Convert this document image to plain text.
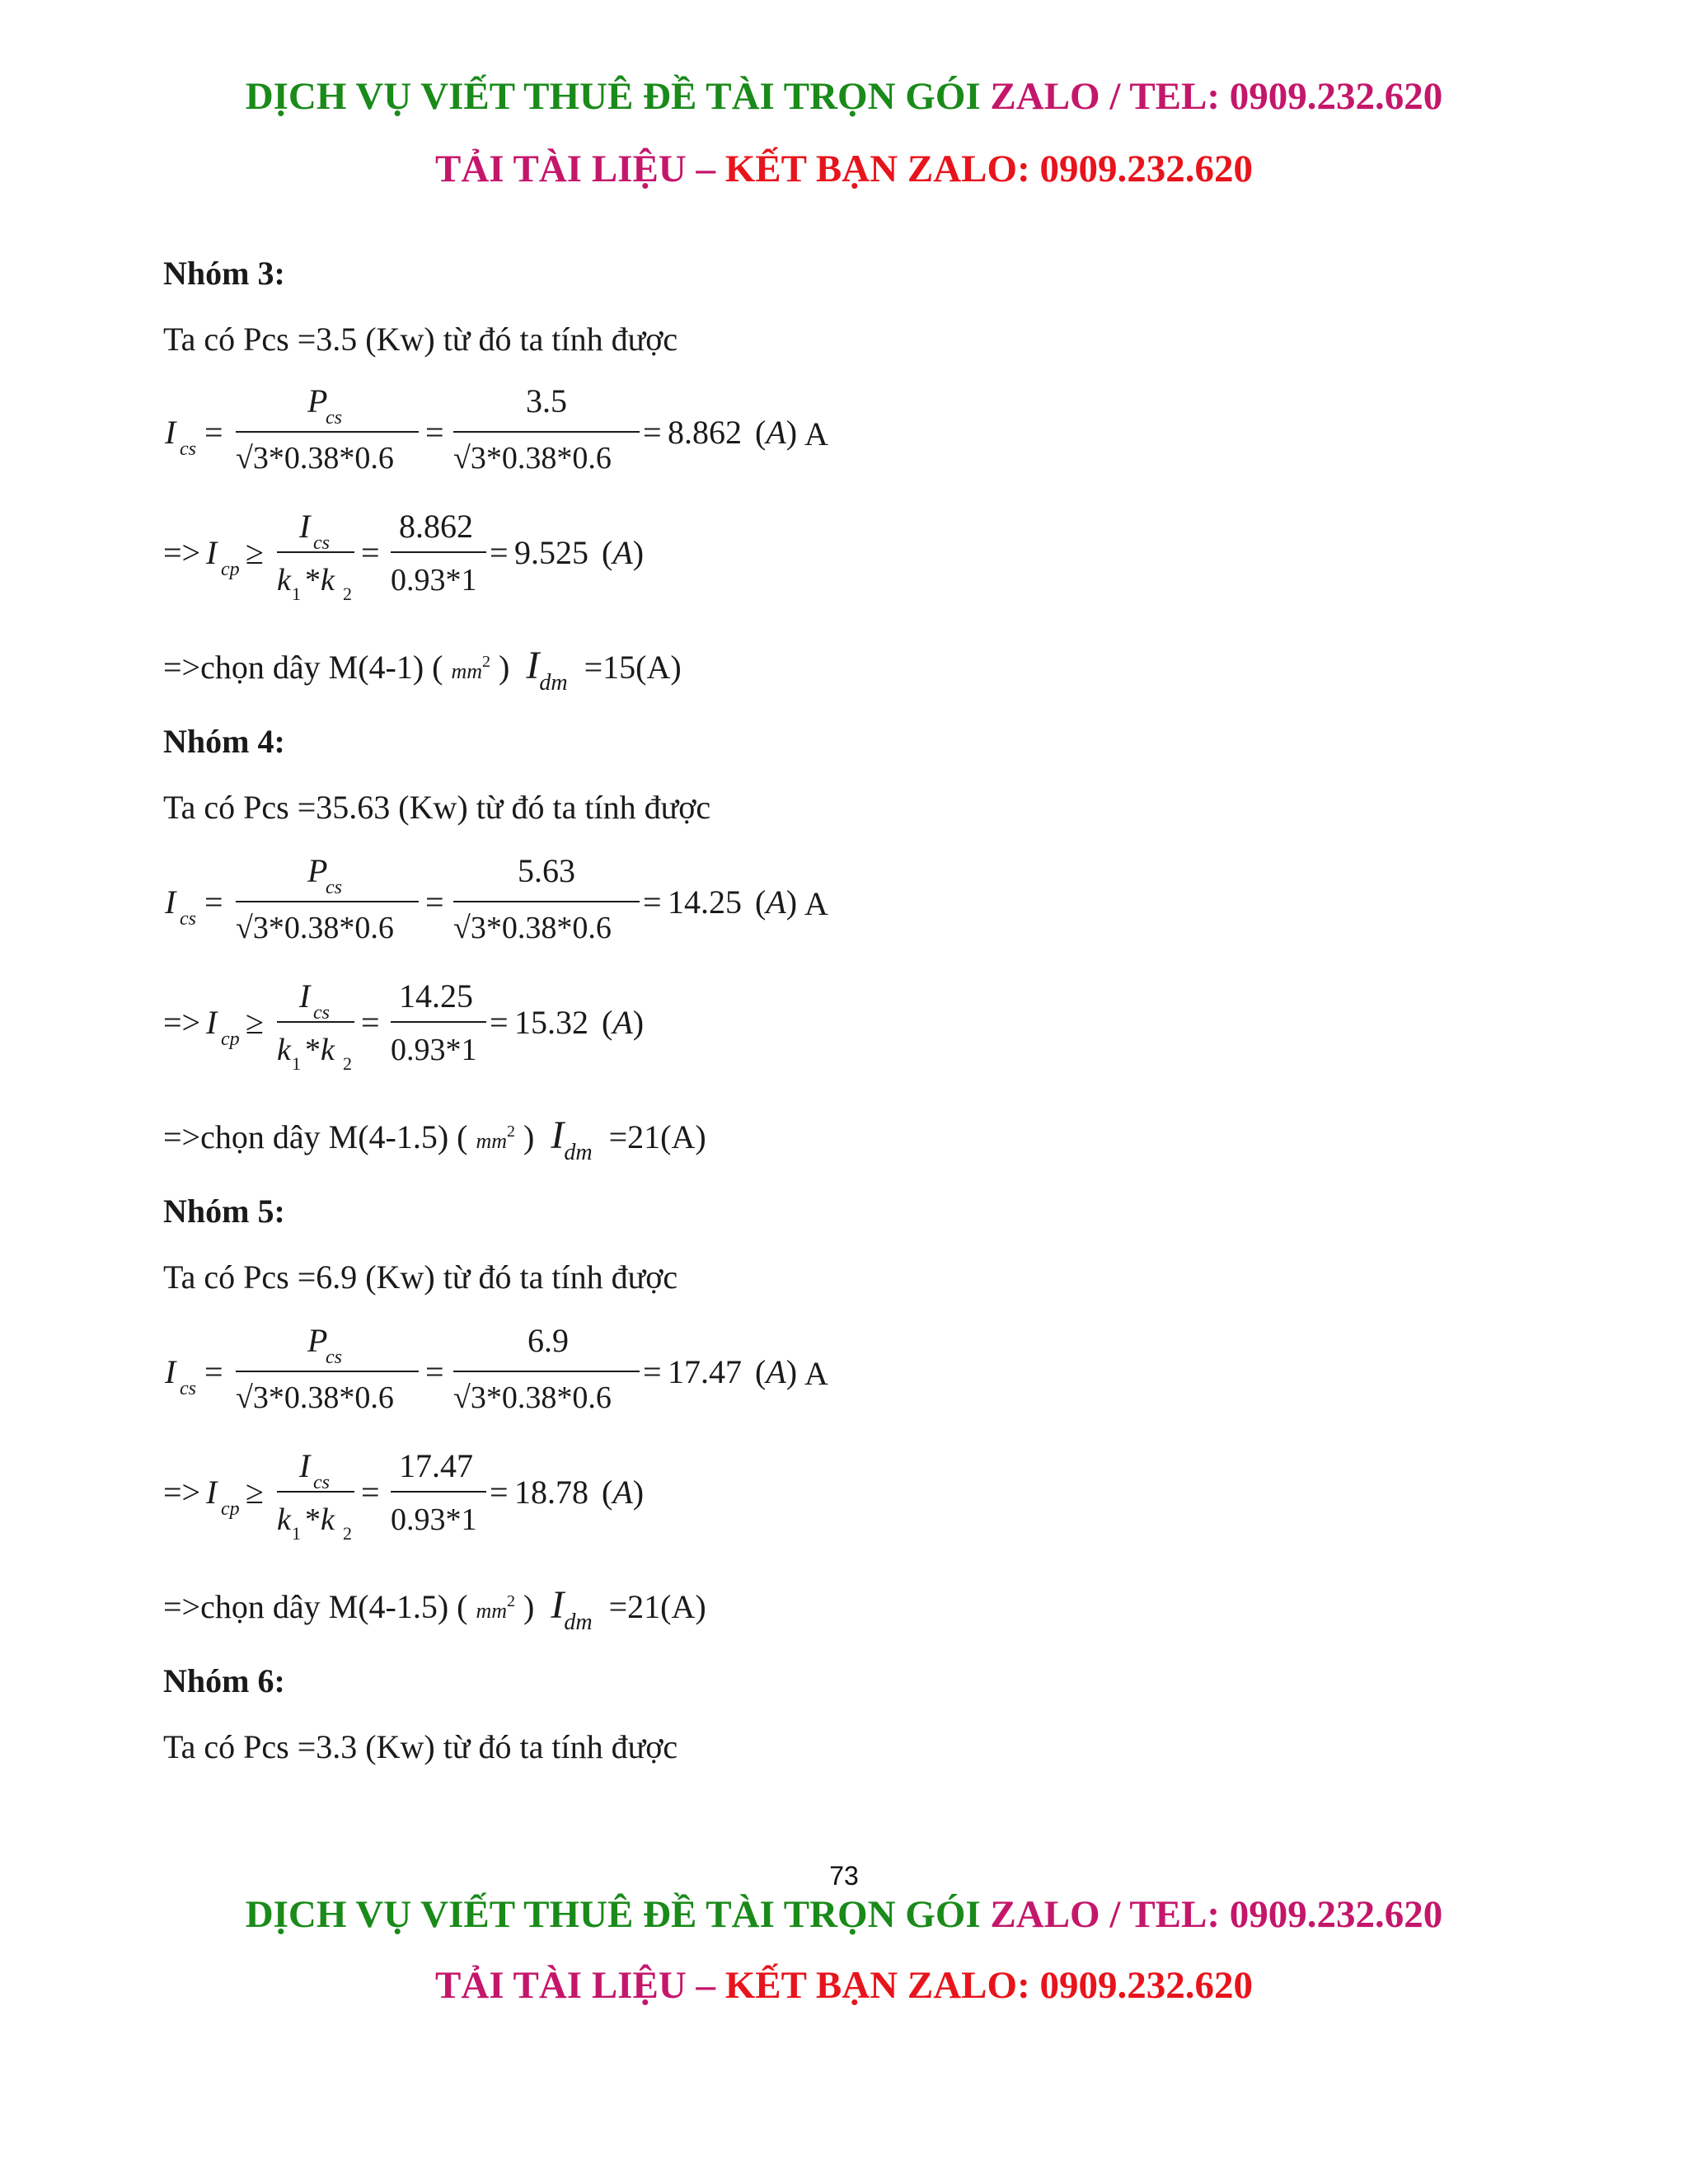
DỊCH VỤ VIẾT THUÊ ĐỀ TÀI TRỌN GÓI ZALO / TEL: 0909.232.620
TẢI TÀI LIỆU – KẾT BẠN ZALO: 0909.232.620
Nhóm 3:
Ta có Pcs =3.5 (Kw) từ đó ta tính được
I cs =
P
cs
√3*0.38*0.6
=
3.5
√3*0.38*0.6
= 8.862 (A) A
=> I cp ≥
I cs
k 1 *k 2
=
8.862
0.93*1
= 9.525 (A)
=>chọn dây M(4-1) ( $mm^2$ )  $I_{dm} =15(A)$
Nhóm 4:
Ta có Pcs =35.63 (Kw) từ đó ta tính được
I cs =
P
cs
√3*0.38*0.6
=
5.63
√3*0.38*0.6
= 14.25 (A) A
=> I cp ≥
I cs
k 1 *k 2
=
14.25
0.93*1
= 15.32 (A)
=>chọn dây M(4-1.5) ( $mm^2$ )  $I_{dm} =21(A)$
Nhóm 5:
Ta có Pcs =6.9 (Kw) từ đó ta tính được
I cs =
P
cs
√3*0.38*0.6
=
6.9
√3*0.38*0.6
= 17.47 (A) A
=> I cp ≥
I cs
k 1 *k 2
=
17.47
0.93*1
= 18.78 (A)
=>chọn dây M(4-1.5) ( $mm^2$ )  $I_{dm} =21(A)$
Nhóm 6:
Ta có Pcs =3.3 (Kw) từ đó ta tính được
73
DỊCH VỤ VIẾT THUÊ ĐỀ TÀI TRỌN GÓI ZALO / TEL: 0909.232.620
TẢI TÀI LIỆU – KẾT BẠN ZALO: 0909.232.620
